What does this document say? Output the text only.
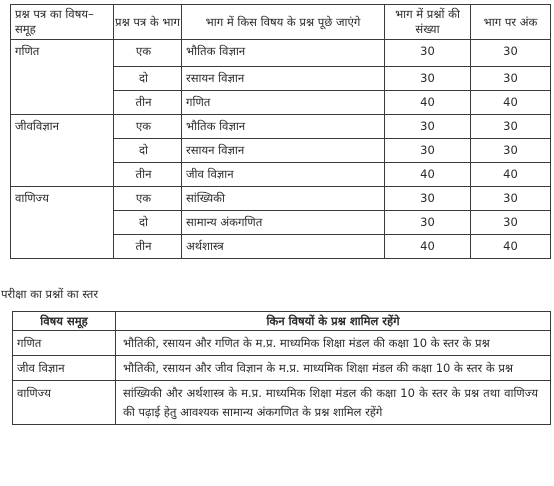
प्रश्न पत्र का विषय–समूह	प्रश्न पत्र के भाग	भाग में किस विषय के प्रश्न पूछे जाएंगे	भाग में प्रश्नों की संख्या	भाग पर अंक
गणित	एक	भौतिक विज्ञान	30	30
	दो	रसायन विज्ञान	30	30
	तीन	गणित	40	40
जीवविज्ञान	एक	भौतिक विज्ञान	30	30
	दो	रसायन विज्ञान	30	30
	तीन	जीव विज्ञान	40	40
वाणिज्य	एक	सांख्यिकी	30	30
	दो	सामान्य अंकगणित	30	30
	तीन	अर्थशास्त्र	40	40

परीक्षा का प्रश्नों का स्तर

विषय समूह	किन विषयों के प्रश्न शामिल रहेंगे
गणित	भौतिकी, रसायन और गणित के म.प्र. माध्यमिक शिक्षा मंडल की कक्षा 10 के स्तर के प्रश्न
जीव विज्ञान	भौतिकी, रसायन और जीव विज्ञान के म.प्र. माध्यमिक शिक्षा मंडल की कक्षा 10 के स्तर के प्रश्न
वाणिज्य	सांख्यिकी और अर्थशास्त्र के म.प्र. माध्यमिक शिक्षा मंडल की कक्षा 10 के स्तर के प्रश्न तथा वाणिज्य की पढ़ाई हेतु आवश्यक सामान्य अंकगणित के प्रश्न शामिल रहेंगे
